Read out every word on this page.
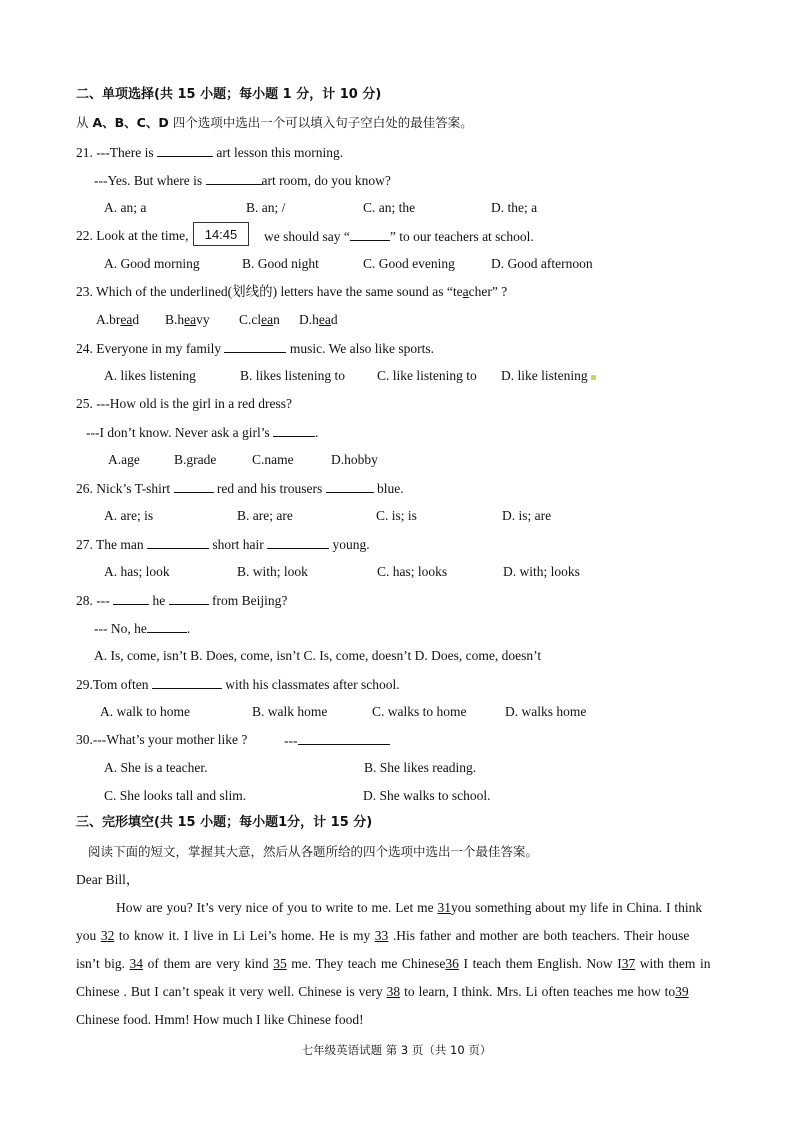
二、单项选择(共 15 小题；每小题 1 分，计 10 分)
从 A、B、C、D 四个选项中选出一个可以填入句子空白处的最佳答案。
21. ---There is	art lesson this morning.
---Yes. But where is	art room, do you know?
A. an; a	B. an; /	C. an; the	D. the; a
22. Look at the time, 14:45 we should say “	” to our teachers at school.
A. Good morning	B. Good night	C. Good evening	D. Good afternoon
23. Which of the underlined(划线的) letters have the same sound as “teacher” ?
A.bread B.heavy C.clean D.head
24. Everyone in my family	music. We also like sports.
A. likes listening	B. likes listening to C. like listening to D. like listening
25. ---How old is the girl in a red dress?
---I don’t know. Never ask a girl’s	.
A.age	B.grade	C.name	D.hobby
26. Nick’s T-shirt	red and his trousers	blue.
A. are; is	B. are; are	C. is; is	D. is; are
27. The man	short hair	young.
A. has; look	B. with; look	C. has; looks	D. with; looks
28. ---	he	from Beijing?
--- No, he	.
A. Is, come, isn’t B. Does, come, isn’t C. Is, come, doesn’t D. Does, come, doesn’t
29.Tom often	with his classmates after school.
A. walk to home	B. walk home	C. walks to home	D. walks home
30.---What’s your mother like ?	---
A. She is a teacher.	B. She likes reading.
C. She looks tall and slim.	D. She walks to school.
三、完形填空(共 15 小题；每小题1分，计 15 分)
阅读下面的短文，掌握其大意，然后从各题所给的四个选项中选出一个最佳答案。
Dear Bill，
How are you? It’s very nice of you to write to me. Let me 31you something about my life in China. I think
you 32 to know it. I live in Li Lei’s home. He is my 33 .His father and mother are both teachers. Their house
isn’t big. 34 of them are very kind 35 me. They teach me Chinese36 I teach them English. Now I37 with them in
Chinese . But I can’t speak it very well. Chinese is very 38 to learn, I think. Mrs. Li often teaches me how to39
Chinese food. Hmm! How much I like Chinese food!
七年级英语试题 第 3 页（共 10 页）
